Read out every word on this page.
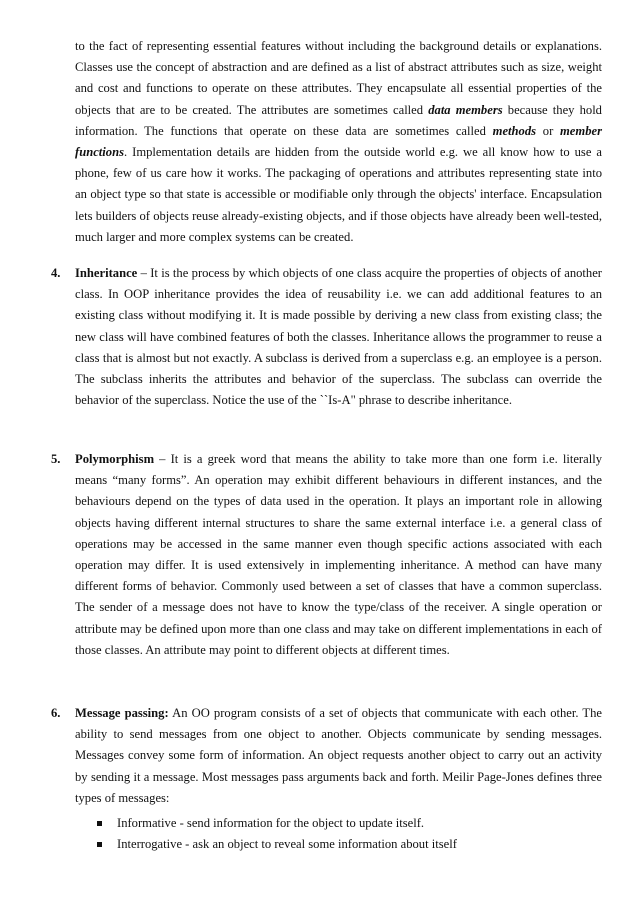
to the fact of representing essential features without including the background details or explanations. Classes use the concept of abstraction and are defined as a list of abstract attributes such as size, weight and cost and functions to operate on these attributes. They encapsulate all essential properties of the objects that are to be created. The attributes are sometimes called data members because they hold information. The functions that operate on these data are sometimes called methods or member functions. Implementation details are hidden from the outside world e.g. we all know how to use a phone, few of us care how it works. The packaging of operations and attributes representing state into an object type so that state is accessible or modifiable only through the objects' interface. Encapsulation lets builders of objects reuse already-existing objects, and if those objects have already been well-tested, much larger and more complex systems can be created.

4. Inheritance – It is the process by which objects of one class acquire the properties of objects of another class. In OOP inheritance provides the idea of reusability i.e. we can add additional features to an existing class without modifying it. It is made possible by deriving a new class from existing class; the new class will have combined features of both the classes. Inheritance allows the programmer to reuse a class that is almost but not exactly. A subclass is derived from a superclass e.g. an employee is a person. The subclass inherits the attributes and behavior of the superclass. The subclass can override the behavior of the superclass. Notice the use of the ``Is-A" phrase to describe inheritance.

5. Polymorphism – It is a greek word that means the ability to take more than one form i.e. literally means “many forms”. An operation may exhibit different behaviours in different instances, and the behaviours depend on the types of data used in the operation. It plays an important role in allowing objects having different internal structures to share the same external interface i.e. a general class of operations may be accessed in the same manner even though specific actions associated with each operation may differ. It is used extensively in implementing inheritance. A method can have many different forms of behavior. Commonly used between a set of classes that have a common superclass. The sender of a message does not have to know the type/class of the receiver. A single operation or attribute may be defined upon more than one class and may take on different implementations in each of those classes. An attribute may point to different objects at different times.

6. Message passing: An OO program consists of a set of objects that communicate with each other. The ability to send messages from one object to another. Objects communicate by sending messages. Messages convey some form of information. An object requests another object to carry out an activity by sending it a message. Most messages pass arguments back and forth. Meilir Page-Jones defines three types of messages:

Informative - send information for the object to update itself.
Interrogative - ask an object to reveal some information about itself
